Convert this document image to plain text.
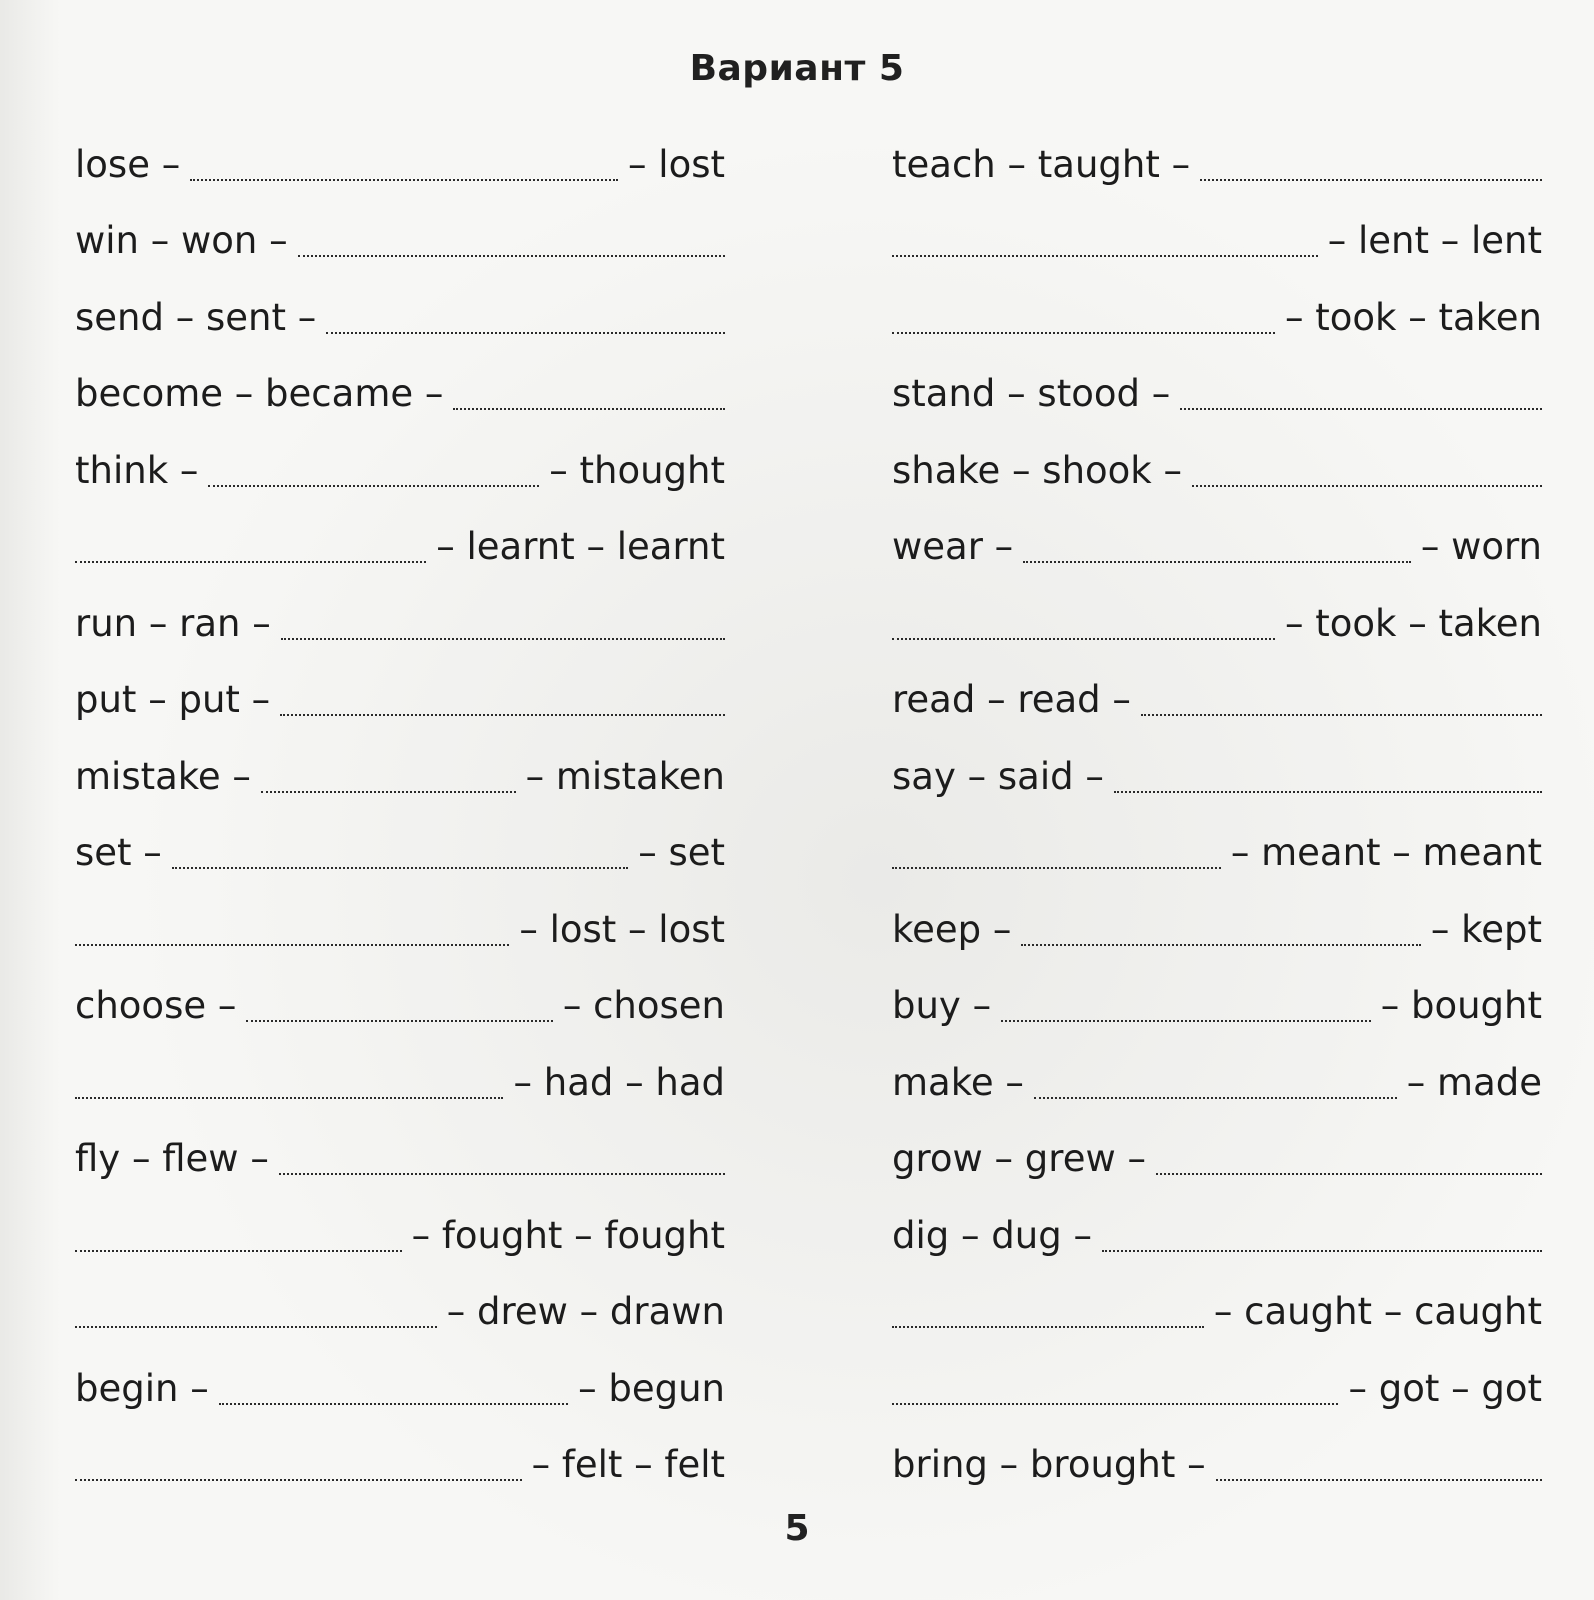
Вариант 5
lose –	– lost
win – won –
send – sent –
become – became –
think –	– thought
– learnt – learnt
run – ran –
put – put –
mistake –	– mistaken
set –	– set
– lost – lost
choose –	– chosen
– had – had
fly – flew –
– fought – fought
– drew – drawn
begin –	– begun
– felt – felt
teach – taught –
– lent – lent
– took – taken
stand – stood –
shake – shook –
wear –	– worn
– took – taken
read – read –
say – said –
– meant – meant
keep –	– kept
buy –	– bought
make –	– made
grow – grew –
dig – dug –
– caught – caught
– got – got
bring – brought –
5
